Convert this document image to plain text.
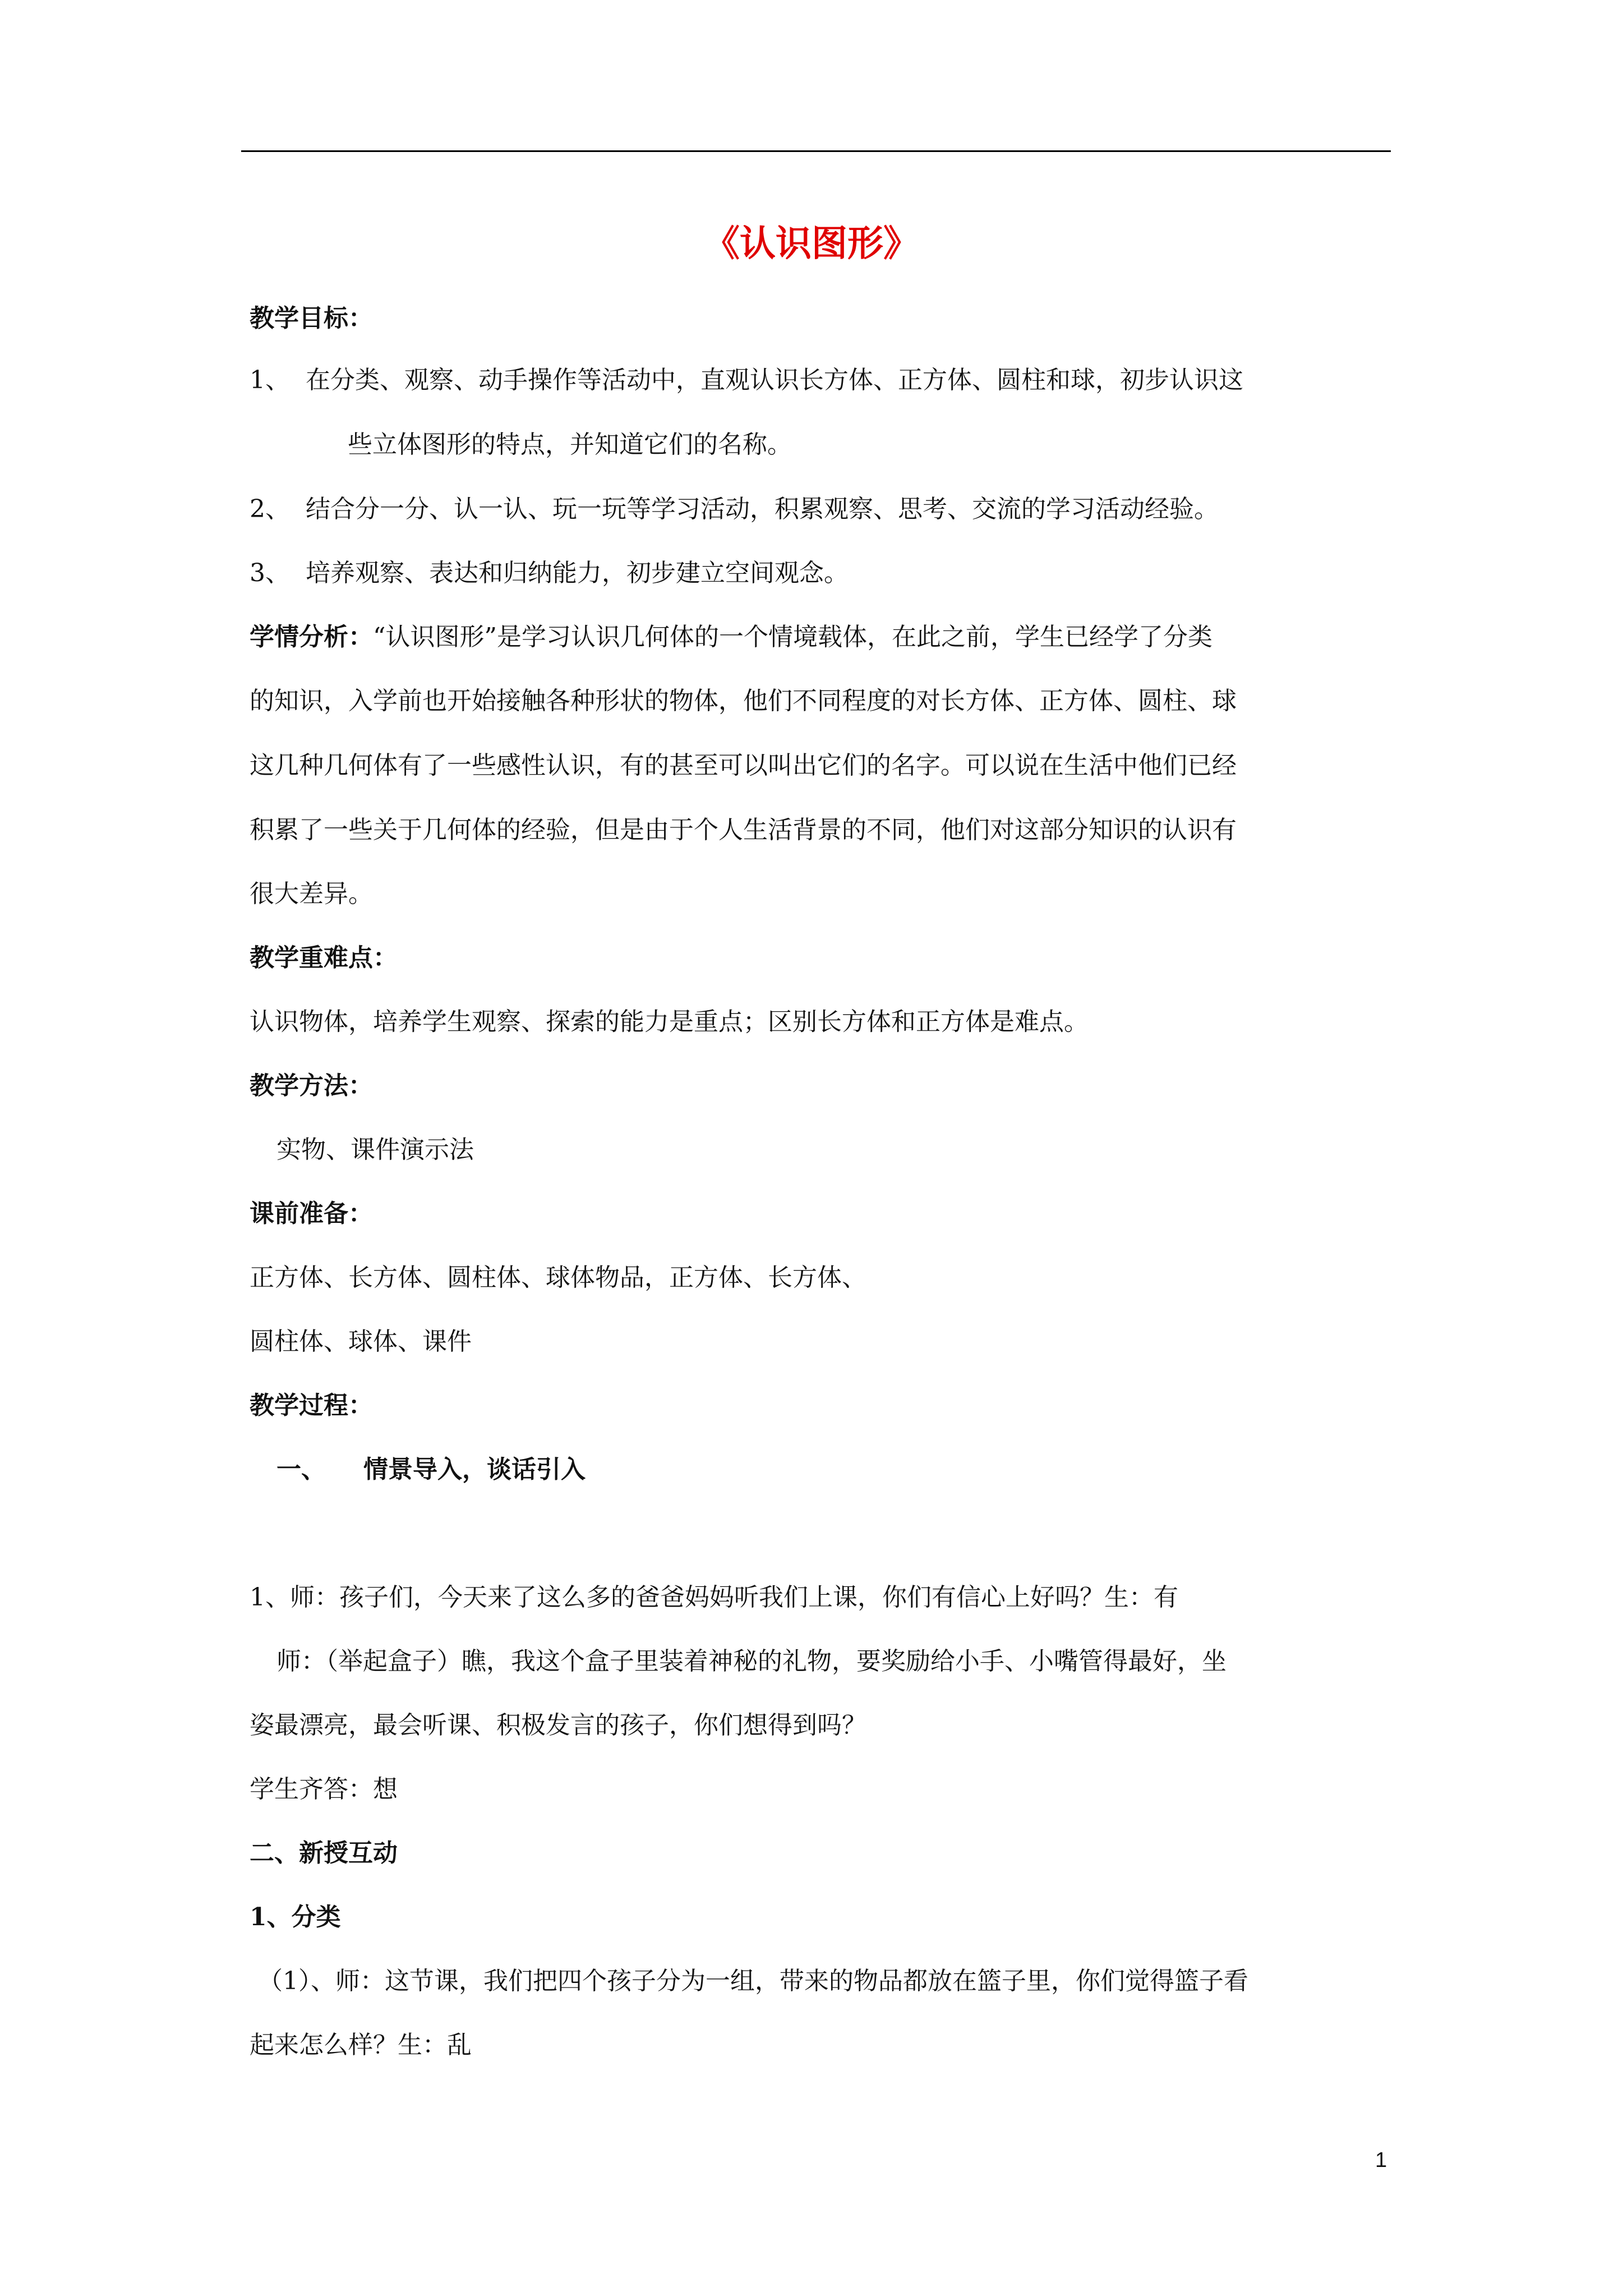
《认识图形》
教学目标：
1、 在分类、观察、动手操作等活动中，直观认识长方体、正方体、圆柱和球，初步认识这
些立体图形的特点，并知道它们的名称。
2、 结合分一分、认一认、玩一玩等学习活动，积累观察、思考、交流的学习活动经验。
3、 培养观察、表达和归纳能力，初步建立空间观念。
学情分析：“认识图形”是学习认识几何体的一个情境载体，在此之前，学生已经学了分类
的知识，入学前也开始接触各种形状的物体，他们不同程度的对长方体、正方体、圆柱、球
这几种几何体有了一些感性认识，有的甚至可以叫出它们的名字。可以说在生活中他们已经
积累了一些关于几何体的经验，但是由于个人生活背景的不同，他们对这部分知识的认识有
很大差异。
教学重难点：
认识物体，培养学生观察、探索的能力是重点；区别长方体和正方体是难点。
教学方法：
实物、课件演示法
课前准备：
正方体、长方体、圆柱体、球体物品，正方体、长方体、
圆柱体、球体、课件
教学过程：
一、 情景导入，谈话引入
1、师：孩子们，今天来了这么多的爸爸妈妈听我们上课，你们有信心上好吗？生：有
师：（举起盒子）瞧，我这个盒子里装着神秘的礼物，要奖励给小手、小嘴管得最好，坐
姿最漂亮，最会听课、积极发言的孩子，你们想得到吗？
学生齐答：想
二、新授互动
1、分类
（1）、师：这节课，我们把四个孩子分为一组，带来的物品都放在篮子里，你们觉得篮子看
起来怎么样？生：乱
1
